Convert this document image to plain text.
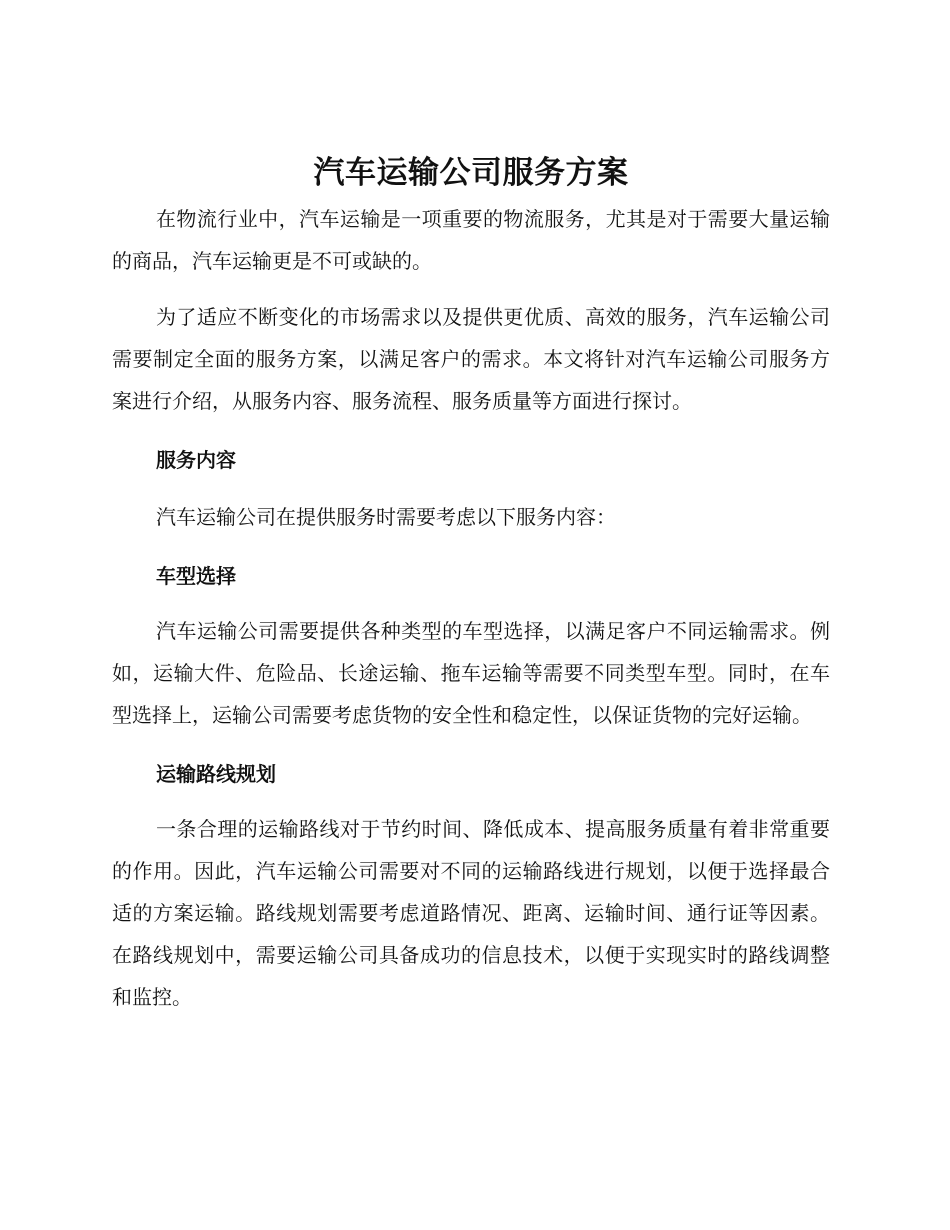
汽车运输公司服务方案

在物流行业中，汽车运输是一项重要的物流服务，尤其是对于需要大量运输的商品，汽车运输更是不可或缺的。

为了适应不断变化的市场需求以及提供更优质、高效的服务，汽车运输公司需要制定全面的服务方案，以满足客户的需求。本文将针对汽车运输公司服务方案进行介绍，从服务内容、服务流程、服务质量等方面进行探讨。

服务内容

汽车运输公司在提供服务时需要考虑以下服务内容：

车型选择

汽车运输公司需要提供各种类型的车型选择，以满足客户不同运输需求。例如，运输大件、危险品、长途运输、拖车运输等需要不同类型车型。同时，在车型选择上，运输公司需要考虑货物的安全性和稳定性，以保证货物的完好运输。

运输路线规划

一条合理的运输路线对于节约时间、降低成本、提高服务质量有着非常重要的作用。因此，汽车运输公司需要对不同的运输路线进行规划，以便于选择最合适的方案运输。路线规划需要考虑道路情况、距离、运输时间、通行证等因素。在路线规划中，需要运输公司具备成功的信息技术，以便于实现实时的路线调整和监控。
